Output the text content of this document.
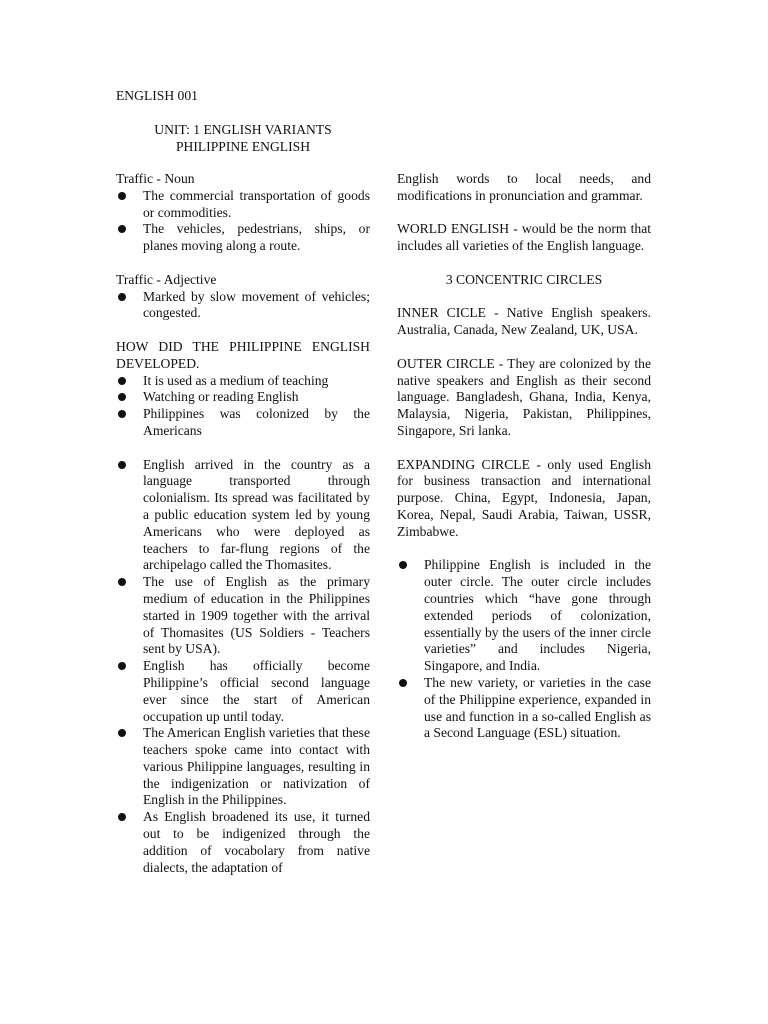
ENGLISH 001
UNIT: 1 ENGLISH VARIANTS
PHILIPPINE ENGLISH

Traffic - Noun

The commercial transportation of goods or commodities.
The vehicles, pedestrians, ships, or planes moving along a route.

Traffic - Adjective

Marked by slow movement of vehicles; congested.

HOW DID THE PHILIPPINE ENGLISH DEVELOPED.

It is used as a medium of teaching
Watching or reading English
Philippines was colonized by the Americans
English arrived in the country as a language transported through colonialism. Its spread was facilitated by a public education system led by young Americans who were deployed as teachers to far-flung regions of the archipelago called the Thomasites.
The use of English as the primary medium of education in the Philippines started in 1909 together with the arrival of Thomasites (US Soldiers - Teachers sent by USA).
English has officially become Philippine’s official second language ever since the start of American occupation up until today.
The American English varieties that these teachers spoke came into contact with various Philippine languages, resulting in the indigenization or nativization of English in the Philippines.
As English broadened its use, it turned out to be indigenized through the addition of vocabolary from native dialects, the adaptation of

English words to local needs, and modifications in pronunciation and grammar.

WORLD ENGLISH - would be the norm that includes all varieties of the English language.

3 CONCENTRIC CIRCLES

INNER CICLE - Native English speakers. Australia, Canada, New Zealand, UK, USA.

OUTER CIRCLE - They are colonized by the native speakers and English as their second language. Bangladesh, Ghana, India, Kenya, Malaysia, Nigeria, Pakistan, Philippines, Singapore, Sri lanka.

EXPANDING CIRCLE - only used English for business transaction and international purpose. China, Egypt, Indonesia, Japan, Korea, Nepal, Saudi Arabia, Taiwan, USSR, Zimbabwe.

Philippine English is included in the outer circle. The outer circle includes countries which “have gone through extended periods of colonization, essentially by the users of the inner circle varieties” and includes Nigeria, Singapore, and India.
The new variety, or varieties in the case of the Philippine experience, expanded in use and function in a so-called English as a Second Language (ESL) situation.
